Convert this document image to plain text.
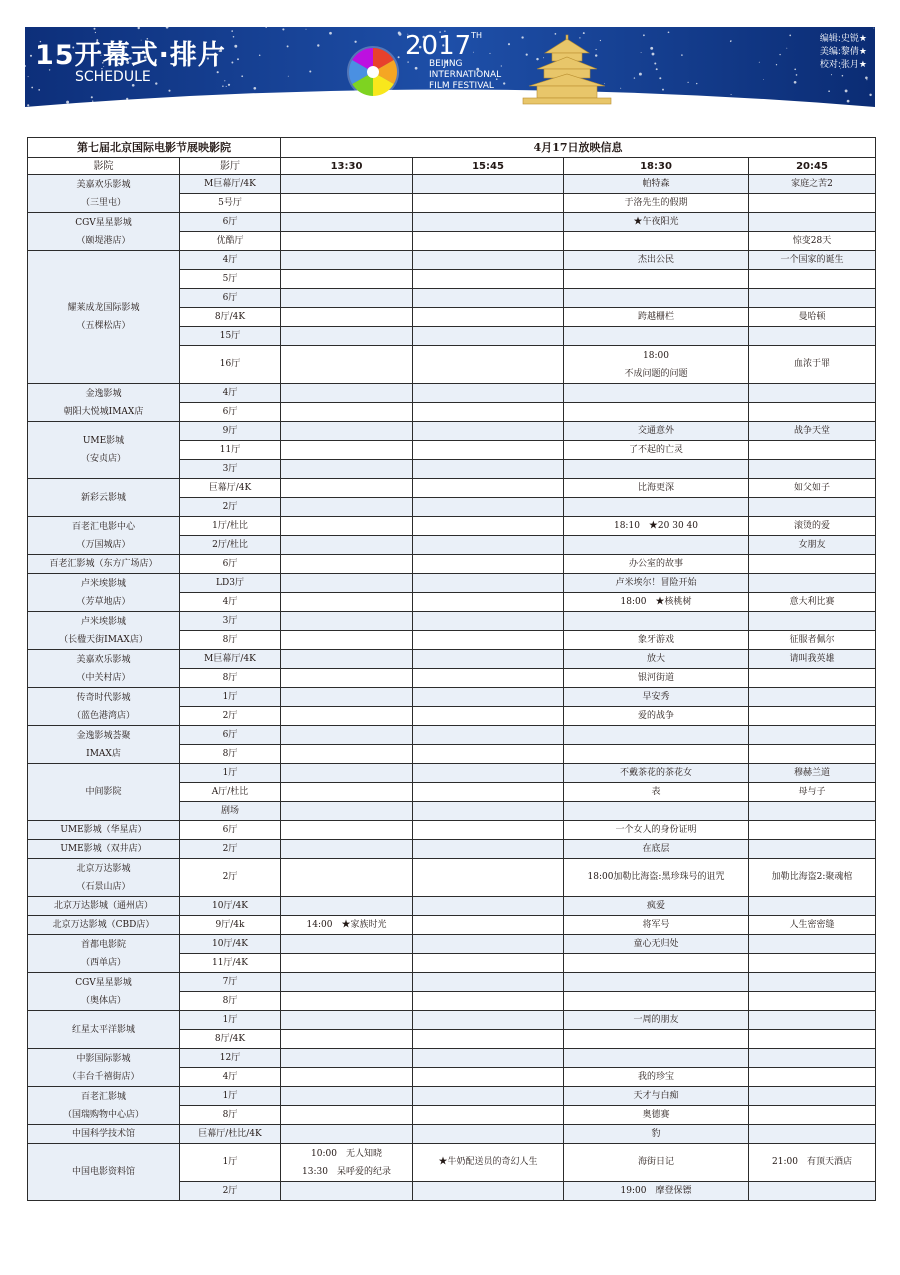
15开幕式·排片
SCHEDULE
2017TH
BEIJING
INTERNATIONAL
FILM FESTIVAL
编辑:史锐★
美编:黎倩★
校对:张月★
第七届北京国际电影节展映影院		4月17日放映信息			
影院	影厅	13:30	15:45	18:30	20:45

美嘉欢乐影城
（三里屯）	M巨幕厅/4K			帕特森	家庭之苦2
	5号厅			于洛先生的假期	

CGV星星影城
（颐堤港店）	6厅			★午夜阳光	
	优酷厅				惊变28天

耀莱成龙国际影城
（五棵松店）	4厅			杰出公民	一个国家的诞生
	5厅				
	6厅				
	8厅/4K			跨越栅栏	曼哈顿
	15厅				
	16厅			18:00
不成问题的问题	血浓于罪

金逸影城
朝阳大悦城IMAX店	4厅				
	6厅				

UME影城
（安贞店）	9厅			交通意外	战争天堂
	11厅			了不起的亡灵	
	3厅				

新彩云影城	巨幕厅/4K			比海更深	如父如子
	2厅				

百老汇电影中心
（万国城店）	1厅/杜比			18:10　★20 30 40	滚烫的爱
	2厅/杜比				女朋友

百老汇影城（东方广场店）	6厅			办公室的故事	

卢米埃影城
（芳草地店）	LD3厅			卢米埃尔！冒险开始	
	4厅			18:00　★核桃树	意大利比赛

卢米埃影城
（长楹天街IMAX店）	3厅				
	8厅			象牙游戏	征服者佩尔

美嘉欢乐影城
（中关村店）	M巨幕厅/4K			放大	请叫我英雄
	8厅			银河街道	

传奇时代影城
（蓝色港湾店）	1厅			早安秀	
	2厅			爱的战争	

金逸影城荟聚
IMAX店	6厅				
	8厅				

中间影院	1厅			不戴茶花的茶花女	穆赫兰道
	A厅/杜比			表	母与子
	剧场				

UME影城（华星店）	6厅			一个女人的身份证明	

UME影城（双井店）	2厅			在底层	

北京万达影城
（石景山店）	2厅			18:00加勒比海盗:黑珍珠号的诅咒	加勒比海盗2:聚魂棺

北京万达影城（通州店）	10厅/4K			疯爱	

北京万达影城（CBD店）	9厅/4k	14:00　★家族时光		将军号	人生密密缝

首都电影院
（西单店）	10厅/4K			童心无归处	
	11厅/4K				

CGV星星影城
（奥体店）	7厅				
	8厅				

红星太平洋影城	1厅			一周的朋友	
	8厅/4K				

中影国际影城
（丰台千禧街店）	12厅				
	4厅			我的珍宝	

百老汇影城
（国瑞购物中心店）	1厅			天才与白痴	
	8厅			奥德赛	

中国科学技术馆	巨幕厅/杜比/4K			豹	

中国电影资料馆	1厅	10:00　无人知晓
13:30　呆呼爱的纪录	★牛奶配送员的奇幻人生	海街日记	21:00　有顶天酒店
	2厅			19:00　摩登保镖	
